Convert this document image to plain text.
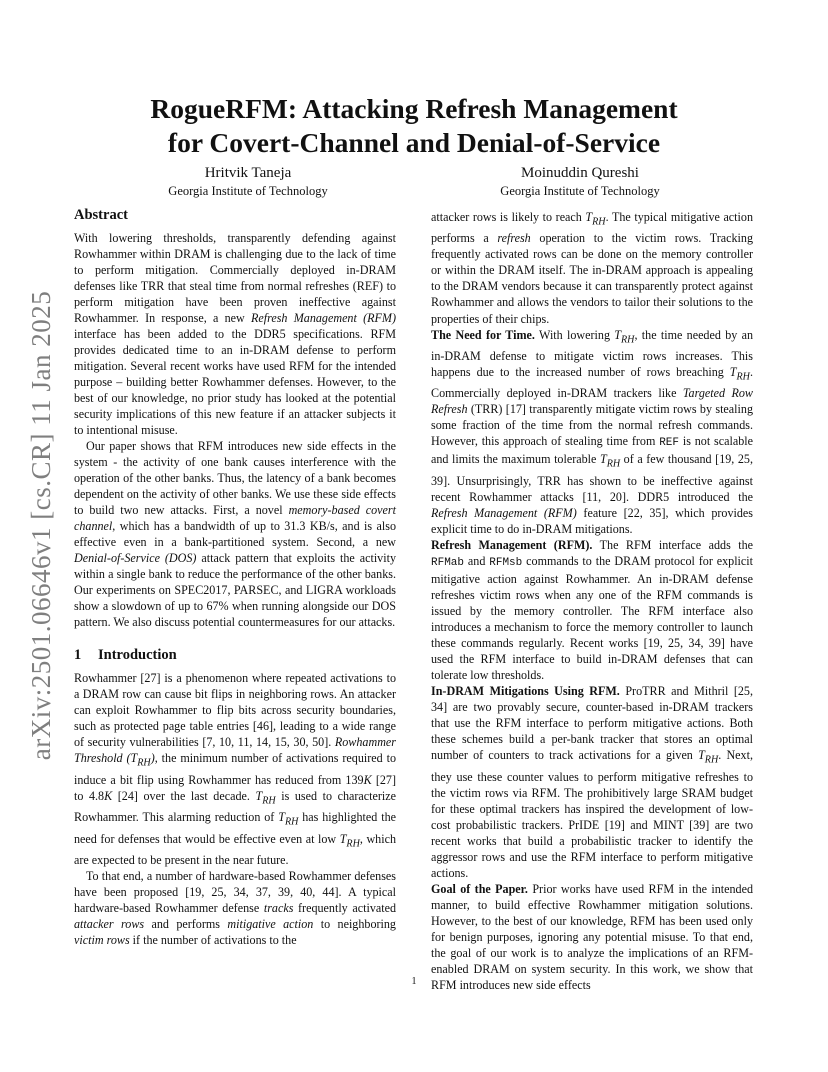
arXiv:2501.06646v1 [cs.CR] 11 Jan 2025
RogueRFM: Attacking Refresh Management
for Covert-Channel and Denial-of-Service
Hritvik Taneja
Georgia Institute of Technology
Moinuddin Qureshi
Georgia Institute of Technology
Abstract

With lowering thresholds, transparently defending against Rowhammer within DRAM is challenging due to the lack of time to perform mitigation. Commercially deployed in-DRAM defenses like TRR that steal time from normal refreshes (REF) to perform mitigation have been proven ineffective against Rowhammer. In response, a new Refresh Management (RFM) interface has been added to the DDR5 specifications. RFM provides dedicated time to an in-DRAM defense to perform mitigation. Several recent works have used RFM for the intended purpose – building better Rowhammer defenses. However, to the best of our knowledge, no prior study has looked at the potential security implications of this new feature if an attacker subjects it to intentional misuse.

Our paper shows that RFM introduces new side effects in the system - the activity of one bank causes interference with the operation of the other banks. Thus, the latency of a bank becomes dependent on the activity of other banks. We use these side effects to build two new attacks. First, a novel memory-based covert channel, which has a bandwidth of up to 31.3 KB/s, and is also effective even in a bank-partitioned system. Second, a new Denial-of-Service (DOS) attack pattern that exploits the activity within a single bank to reduce the performance of the other banks. Our experiments on SPEC2017, PARSEC, and LIGRA workloads show a slowdown of up to 67% when running alongside our DOS pattern. We also discuss potential countermeasures for our attacks.

1 Introduction

Rowhammer [27] is a phenomenon where repeated activations to a DRAM row can cause bit flips in neighboring rows. An attacker can exploit Rowhammer to flip bits across security boundaries, such as protected page table entries [46], leading to a wide range of security vulnerabilities [7, 10, 11, 14, 15, 30, 50]. Rowhammer Threshold $(T_{RH})$, the minimum number of activations required to induce a bit flip using Rowhammer has reduced from 139K [27] to 4.8K [24] over the last decade. $T_{RH}$ is used to characterize Rowhammer. This alarming reduction of $T_{RH}$ has highlighted the need for defenses that would be effective even at low $T_{RH}$, which are expected to be present in the near future.

To that end, a number of hardware-based Rowhammer defenses have been proposed [19, 25, 34, 37, 39, 40, 44]. A typical hardware-based Rowhammer defense tracks frequently activated attacker rows and performs mitigative action to neighboring victim rows if the number of activations to the

attacker rows is likely to reach $T_{RH}$. The typical mitigative action performs a refresh operation to the victim rows. Tracking frequently activated rows can be done on the memory controller or within the DRAM itself. The in-DRAM approach is appealing to the DRAM vendors because it can transparently protect against Rowhammer and allows the vendors to tailor their solutions to the properties of their chips.

The Need for Time. With lowering $T_{RH}$, the time needed by an in-DRAM defense to mitigate victim rows increases. This happens due to the increased number of rows breaching $T_{RH}$. Commercially deployed in-DRAM trackers like Targeted Row Refresh (TRR) [17] transparently mitigate victim rows by stealing some fraction of the time from the normal refresh commands. However, this approach of stealing time from REF is not scalable and limits the maximum tolerable $T_{RH}$ of a few thousand [19, 25, 39]. Unsurprisingly, TRR has shown to be ineffective against recent Rowhammer attacks [11, 20]. DDR5 introduced the Refresh Management (RFM) feature [22, 35], which provides explicit time to do in-DRAM mitigations.

Refresh Management (RFM). The RFM interface adds the RFMab and RFMsb commands to the DRAM protocol for explicit mitigative action against Rowhammer. An in-DRAM defense refreshes victim rows when any one of the RFM commands is issued by the memory controller. The RFM interface also introduces a mechanism to force the memory controller to launch these commands regularly. Recent works [19, 25, 34, 39] have used the RFM interface to build in-DRAM defenses that can tolerate low thresholds.

In-DRAM Mitigations Using RFM. ProTRR and Mithril [25, 34] are two provably secure, counter-based in-DRAM trackers that use the RFM interface to perform mitigative actions. Both these schemes build a per-bank tracker that stores an optimal number of counters to track activations for a given $T_{RH}$. Next, they use these counter values to perform mitigative refreshes to the victim rows via RFM. The prohibitively large SRAM budget for these optimal trackers has inspired the development of low-cost probabilistic trackers. PrIDE [19] and MINT [39] are two recent works that build a probabilistic tracker to identify the aggressor rows and use the RFM interface to perform mitigative actions.

Goal of the Paper. Prior works have used RFM in the intended manner, to build effective Rowhammer mitigation solutions. However, to the best of our knowledge, RFM has been used only for benign purposes, ignoring any potential misuse. To that end, the goal of our work is to analyze the implications of an RFM-enabled DRAM on system security. In this work, we show that RFM introduces new side effects

1
